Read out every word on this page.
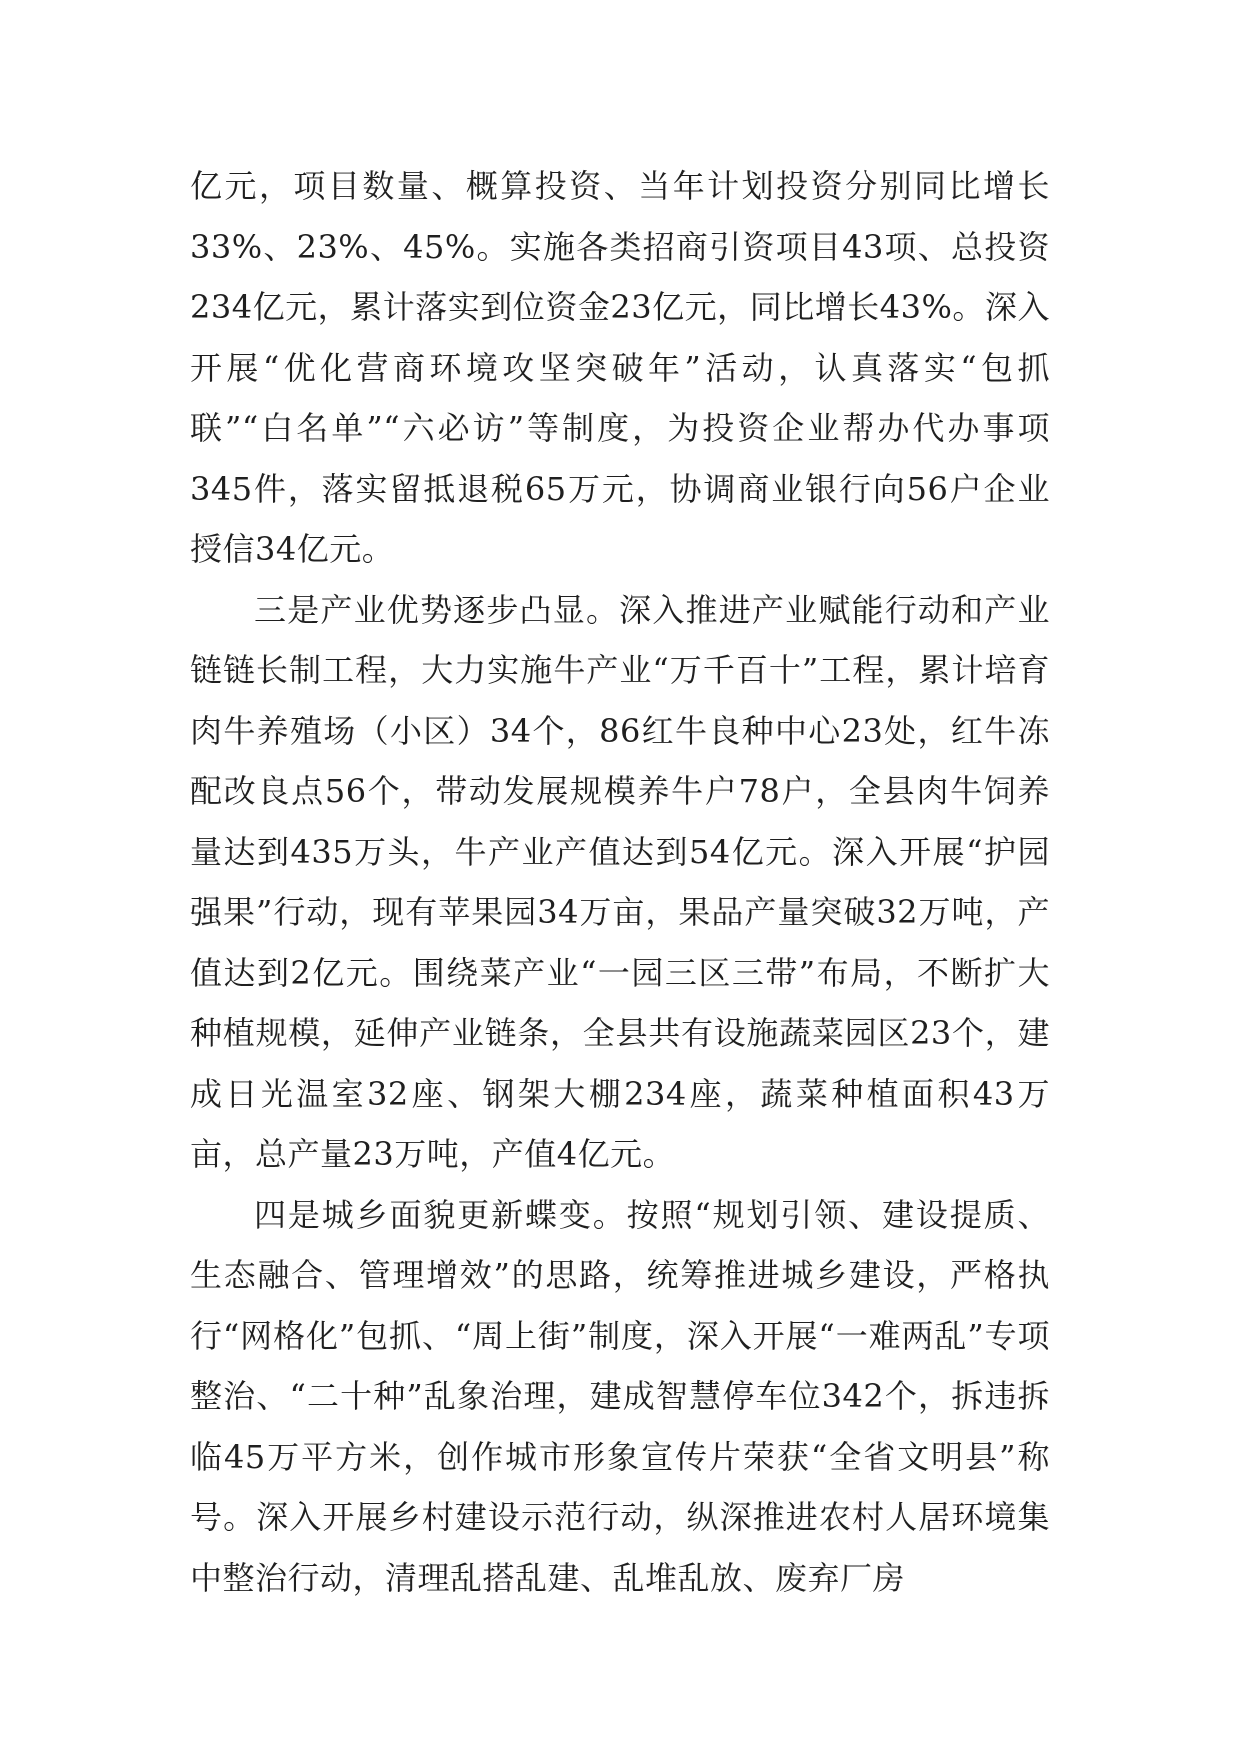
亿元，项目数量、概算投资、当年计划投资分别同比增长33%、23%、45%。实施各类招商引资项目43项、总投资234亿元，累计落实到位资金23亿元，同比增长43%。深入开展“优化营商环境攻坚突破年”活动，认真落实“包抓联”“白名单”“六必访”等制度，为投资企业帮办代办事项345件，落实留抵退税65万元，协调商业银行向56户企业授信34亿元。

三是产业优势逐步凸显。深入推进产业赋能行动和产业链链长制工程，大力实施牛产业“万千百十”工程，累计培育肉牛养殖场（小区）34个，86红牛良种中心23处，红牛冻配改良点56个，带动发展规模养牛户78户，全县肉牛饲养量达到435万头，牛产业产值达到54亿元。深入开展“护园强果”行动，现有苹果园34万亩，果品产量突破32万吨，产值达到2亿元。围绕菜产业“一园三区三带”布局，不断扩大种植规模，延伸产业链条，全县共有设施蔬菜园区23个，建成日光温室32座、钢架大棚234座，蔬菜种植面积43万亩，总产量23万吨，产值4亿元。

四是城乡面貌更新蝶变。按照“规划引领、建设提质、生态融合、管理增效”的思路，统筹推进城乡建设，严格执行“网格化”包抓、“周上街”制度，深入开展“一难两乱”专项整治、“二十种”乱象治理，建成智慧停车位342个，拆违拆临45万平方米，创作城市形象宣传片荣获“全省文明县”称号。深入开展乡村建设示范行动，纵深推进农村人居环境集中整治行动，清理乱搭乱建、乱堆乱放、废弃厂房
